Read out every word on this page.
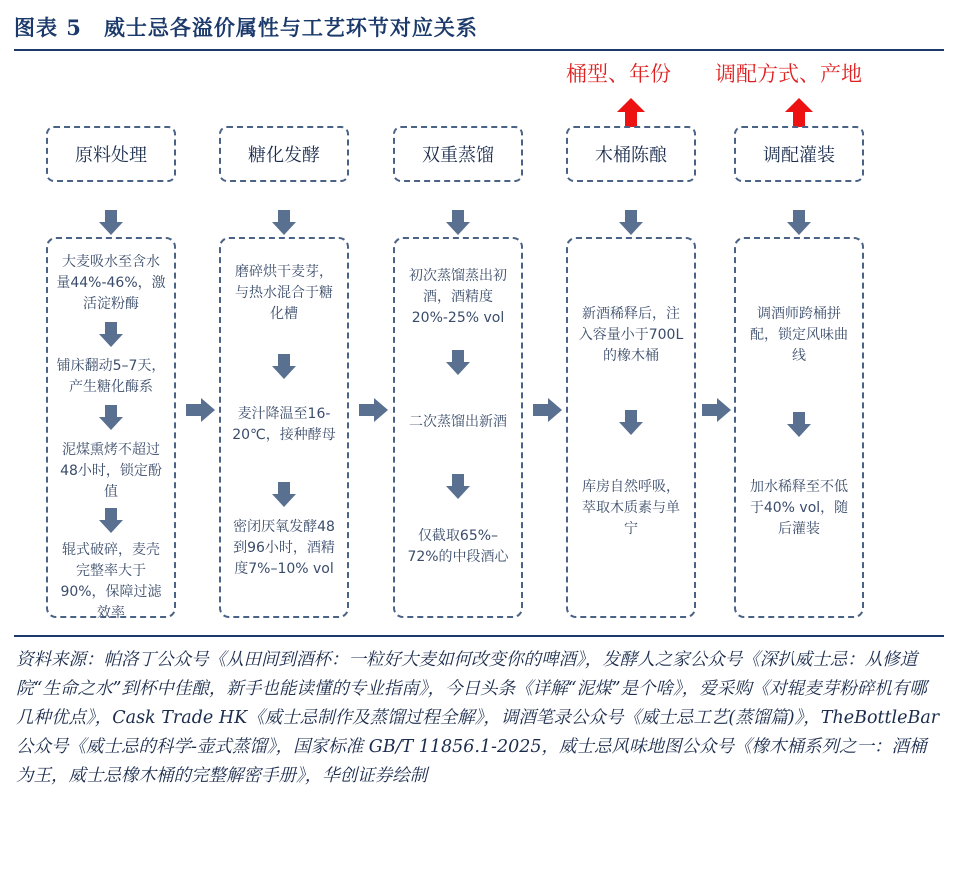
图表 5 威士忌各溢价属性与工艺环节对应关系
桶型、年份 调配方式、产地
原料处理	糖化发酵	双重蒸馏	木桶陈酿	调配灌装
大麦吸水至含水量44%-46%，激活淀粉酶
铺床翻动5–7天，产生糖化酶系
泥煤熏烤不超过48小时，锁定酚值
辊式破碎，麦壳完整率大于90%，保障过滤效率
磨碎烘干麦芽，与热水混合于糖化槽
麦汁降温至16-20℃，接种酵母
密闭厌氧发酵48到96小时，酒精度7%–10% vol
初次蒸馏蒸出初酒，酒精度20%-25% vol
二次蒸馏出新酒
仅截取65%–72%的中段酒心
新酒稀释后，注入容量小于700L的橡木桶
库房自然呼吸，萃取木质素与单宁
调酒师跨桶拼配，锁定风味曲线
加水稀释至不低于40% vol，随后灌装
资料来源：帕洛丁公众号《从田间到酒杯：一粒好大麦如何改变你的啤酒》，发酵人之家公众号《深扒威士忌：从修道院“生命之水”到杯中佳酿，新手也能读懂的专业指南》，今日头条《详解“泥煤”是个啥》，爱采购《对辊麦芽粉碎机有哪几种优点》，Cask Trade HK《威士忌制作及蒸馏过程全解》，调酒笔录公众号《威士忌工艺(蒸馏篇)》，TheBottleBar 公众号《威士忌的科学-壶式蒸馏》，国家标准 GB/T 11856.1-2025，威士忌风味地图公众号《橡木桶系列之一：酒桶为王，威士忌橡木桶的完整解密手册》，华创证券绘制
